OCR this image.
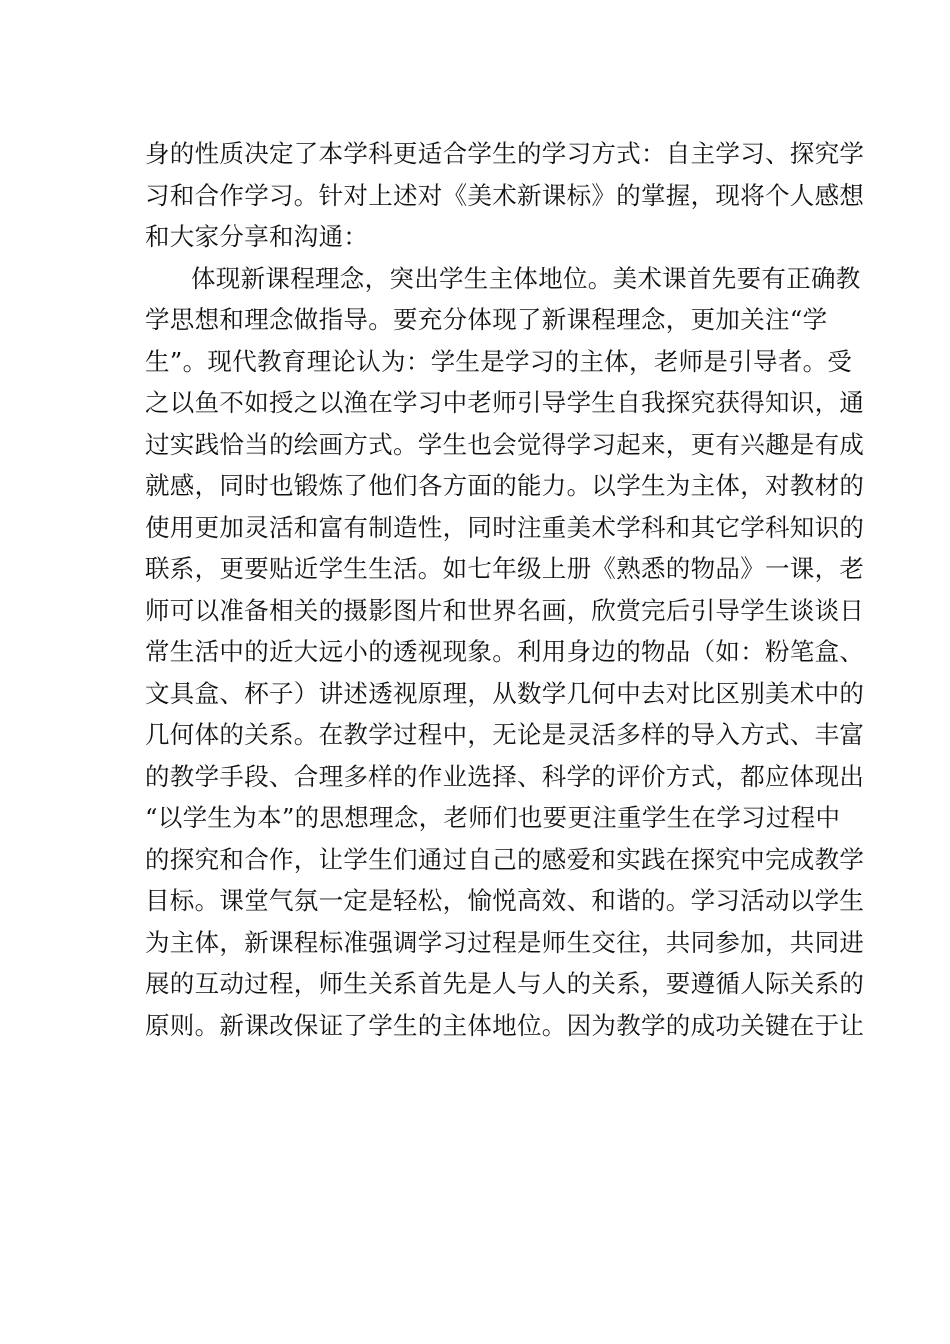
身的性质决定了本学科更适合学生的学习方式：自主学习、探究学
习和合作学习。针对上述对《美术新课标》的掌握，现将个人感想
和大家分享和沟通：
体现新课程理念，突出学生主体地位。美术课首先要有正确教
学思想和理念做指导。要充分体现了新课程理念，更加关注“学
生”。现代教育理论认为：学生是学习的主体，老师是引导者。受
之以鱼不如授之以渔在学习中老师引导学生自我探究获得知识，通
过实践恰当的绘画方式。学生也会觉得学习起来，更有兴趣是有成
就感，同时也锻炼了他们各方面的能力。以学生为主体，对教材的
使用更加灵活和富有制造性，同时注重美术学科和其它学科知识的
联系，更要贴近学生生活。如七年级上册《熟悉的物品》一课，老
师可以准备相关的摄影图片和世界名画，欣赏完后引导学生谈谈日
常生活中的近大远小的透视现象。利用身边的物品（如：粉笔盒、
文具盒、杯子）讲述透视原理，从数学几何中去对比区别美术中的
几何体的关系。在教学过程中，无论是灵活多样的导入方式、丰富
的教学手段、合理多样的作业选择、科学的评价方式，都应体现出
“以学生为本”的思想理念，老师们也要更注重学生在学习过程中
的探究和合作，让学生们通过自己的感爱和实践在探究中完成教学
目标。课堂气氛一定是轻松，愉悦高效、和谐的。学习活动以学生
为主体，新课程标准强调学习过程是师生交往，共同参加，共同进
展的互动过程，师生关系首先是人与人的关系，要遵循人际关系的
原则。新课改保证了学生的主体地位。因为教学的成功关键在于让
